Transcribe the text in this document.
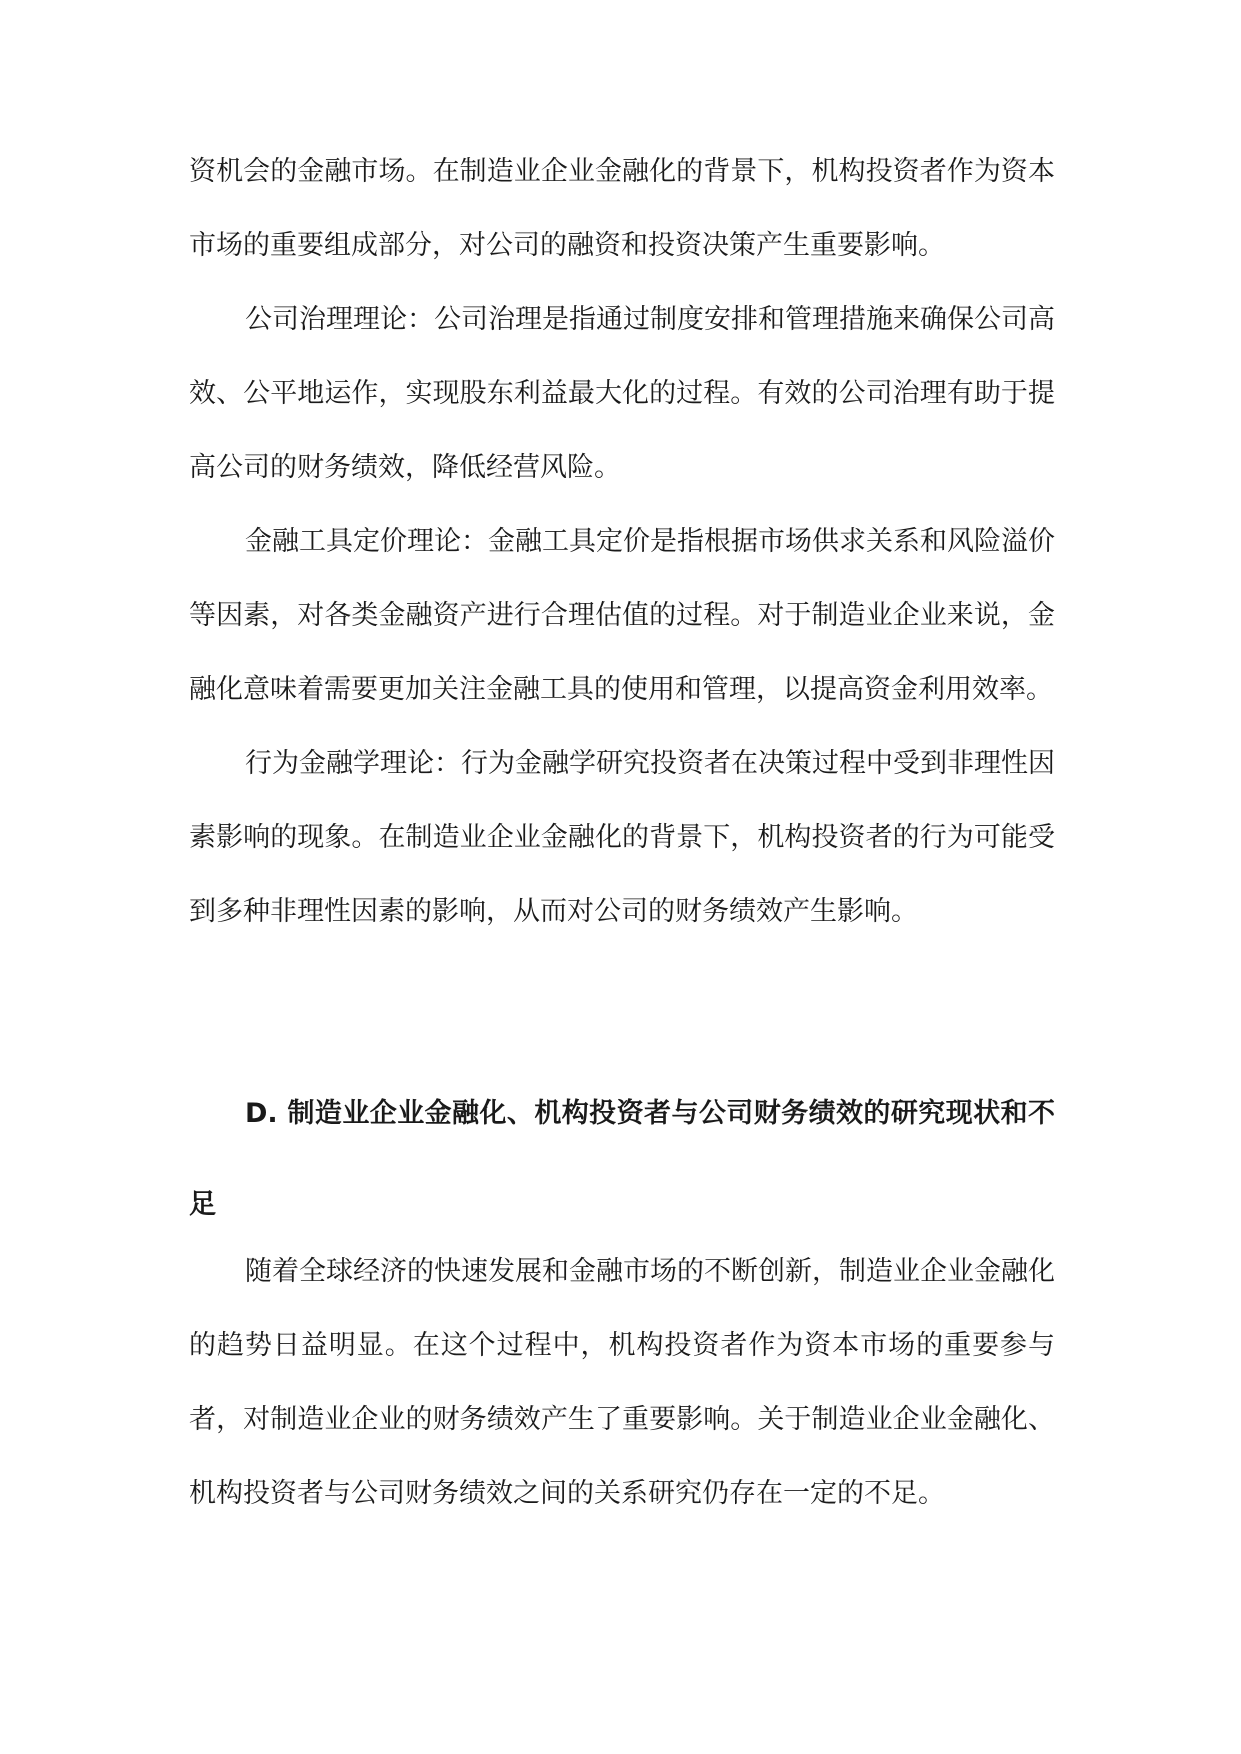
资机会的金融市场。在制造业企业金融化的背景下，机构投资者作为资本市场的重要组成部分，对公司的融资和投资决策产生重要影响。

公司治理理论：公司治理是指通过制度安排和管理措施来确保公司高效、公平地运作，实现股东利益最大化的过程。有效的公司治理有助于提高公司的财务绩效，降低经营风险。

金融工具定价理论：金融工具定价是指根据市场供求关系和风险溢价等因素，对各类金融资产进行合理估值的过程。对于制造业企业来说，金融化意味着需要更加关注金融工具的使用和管理，以提高资金利用效率。

行为金融学理论：行为金融学研究投资者在决策过程中受到非理性因素影响的现象。在制造业企业金融化的背景下，机构投资者的行为可能受到多种非理性因素的影响，从而对公司的财务绩效产生影响。

D. 制造业企业金融化、机构投资者与公司财务绩效的研究现状和不足

随着全球经济的快速发展和金融市场的不断创新，制造业企业金融化的趋势日益明显。在这个过程中，机构投资者作为资本市场的重要参与者，对制造业企业的财务绩效产生了重要影响。关于制造业企业金融化、机构投资者与公司财务绩效之间的关系研究仍存在一定的不足。
